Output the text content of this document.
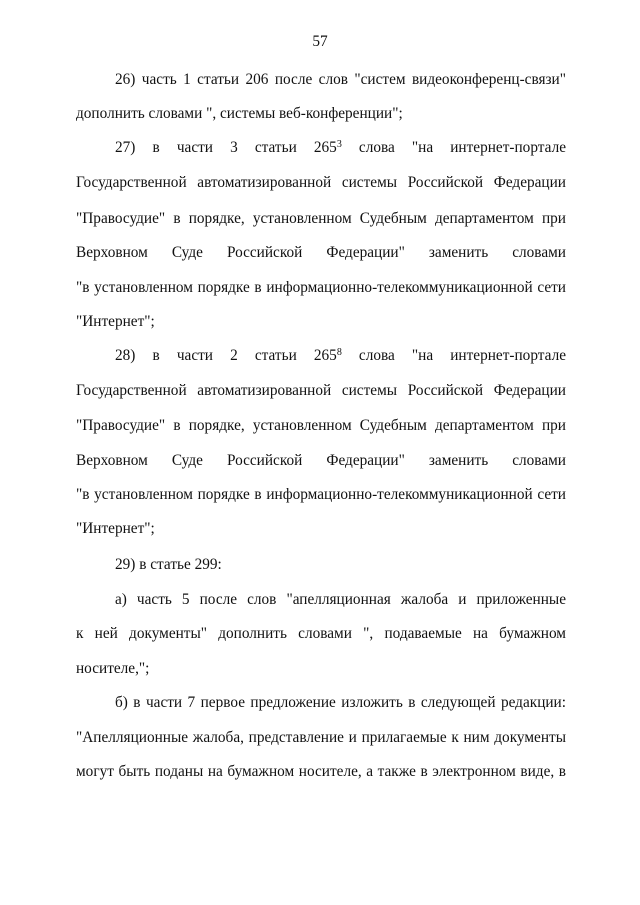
57
26) часть 1 статьи 206 после слов "систем видеоконференц-связи"
дополнить словами ", системы веб-конференции";
27) в части 3 статьи $265^3$ слова "на интернет-портале
Государственной автоматизированной системы Российской Федерации
"Правосудие" в порядке, установленном Судебным департаментом при
Верховном Суде Российской Федерации" заменить словами
"в установленном порядке в информационно-телекоммуникационной сети
"Интернет";
28) в части 2 статьи $265^8$ слова "на интернет-портале
Государственной автоматизированной системы Российской Федерации
"Правосудие" в порядке, установленном Судебным департаментом при
Верховном Суде Российской Федерации" заменить словами
"в установленном порядке в информационно-телекоммуникационной сети
"Интернет";
29) в статье 299:
а) часть 5 после слов "апелляционная жалоба и приложенные
к ней документы" дополнить словами ", подаваемые на бумажном
носителе,";
б) в части 7 первое предложение изложить в следующей редакции:
"Апелляционные жалоба, представление и прилагаемые к ним документы
могут быть поданы на бумажном носителе, а также в электронном виде, в
